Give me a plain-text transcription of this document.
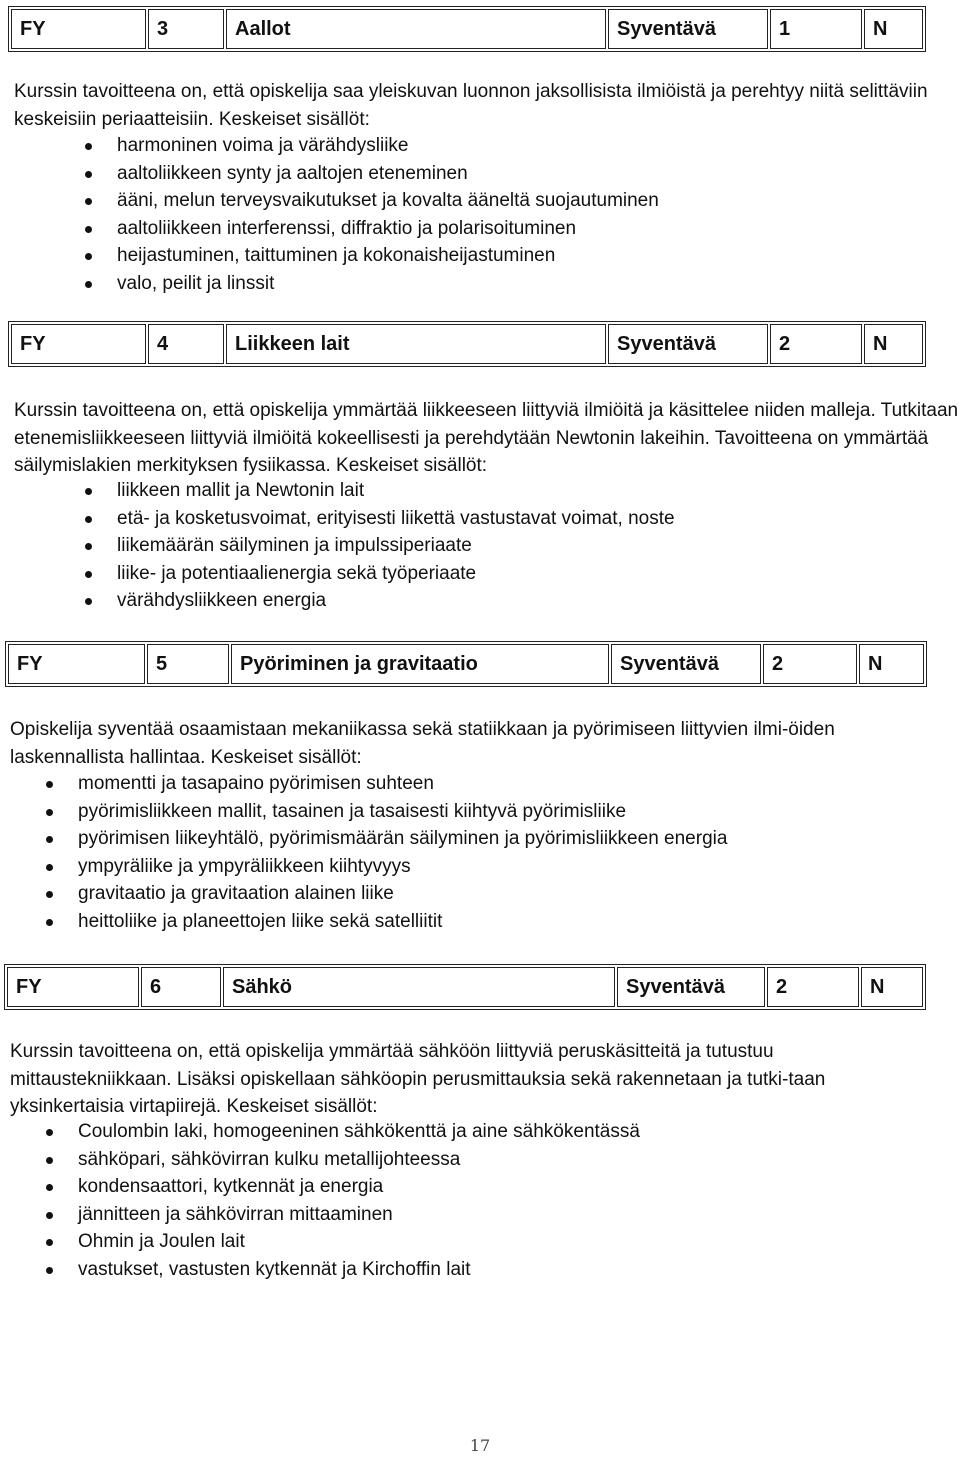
FY	3	Aallot	Syventävä	1	N

Kurssin tavoitteena on, että opiskelija saa yleiskuvan luonnon jaksollisista ilmiöistä ja perehtyy niitä selittäviin keskeisiin periaatteisiin. Keskeiset sisällöt:

harmoninen voima ja värähdysliike
aaltoliikkeen synty ja aaltojen eteneminen
ääni, melun terveysvaikutukset ja kovalta ääneltä suojautuminen
aaltoliikkeen interferenssi, diffraktio ja polarisoituminen
heijastuminen, taittuminen ja kokonaisheijastuminen
valo, peilit ja linssit
FY	4	Liikkeen lait	Syventävä	2	N

Kurssin tavoitteena on, että opiskelija ymmärtää liikkeeseen liittyviä ilmiöitä ja käsittelee niiden malleja. Tutkitaan etenemisliikkeeseen liittyviä ilmiöitä kokeellisesti ja perehdytään Newtonin lakeihin. Tavoitteena on ymmärtää säilymislakien merkityksen fysiikassa. Keskeiset sisällöt:

liikkeen mallit ja Newtonin lait
etä- ja kosketusvoimat, erityisesti liikettä vastustavat voimat, noste
liikemäärän säilyminen ja impulssiperiaate
liike- ja potentiaalienergia sekä työperiaate
värähdysliikkeen energia
FY	5	Pyöriminen ja gravitaatio	Syventävä	2	N

Opiskelija syventää osaamistaan mekaniikassa sekä statiikkaan ja pyörimiseen liittyvien ilmi-öiden laskennallista hallintaa. Keskeiset sisällöt:

momentti ja tasapaino pyörimisen suhteen
pyörimisliikkeen mallit, tasainen ja tasaisesti kiihtyvä pyörimisliike
pyörimisen liikeyhtälö, pyörimismäärän säilyminen ja pyörimisliikkeen energia
ympyräliike ja ympyräliikkeen kiihtyvyys
gravitaatio ja gravitaation alainen liike
heittoliike ja planeettojen liike sekä satelliitit
FY	6	Sähkö	Syventävä	2	N

Kurssin tavoitteena on, että opiskelija ymmärtää sähköön liittyviä peruskäsitteitä ja tutustuu mittaustekniikkaan. Lisäksi opiskellaan sähköopin perusmittauksia sekä rakennetaan ja tutki-taan yksinkertaisia virtapiirejä. Keskeiset sisällöt:

Coulombin laki, homogeeninen sähkökenttä ja aine sähkökentässä
sähköpari, sähkövirran kulku metallijohteessa
kondensaattori, kytkennät ja energia
jännitteen ja sähkövirran mittaaminen
Ohmin ja Joulen lait
vastukset, vastusten kytkennät ja Kirchoffin lait
17
